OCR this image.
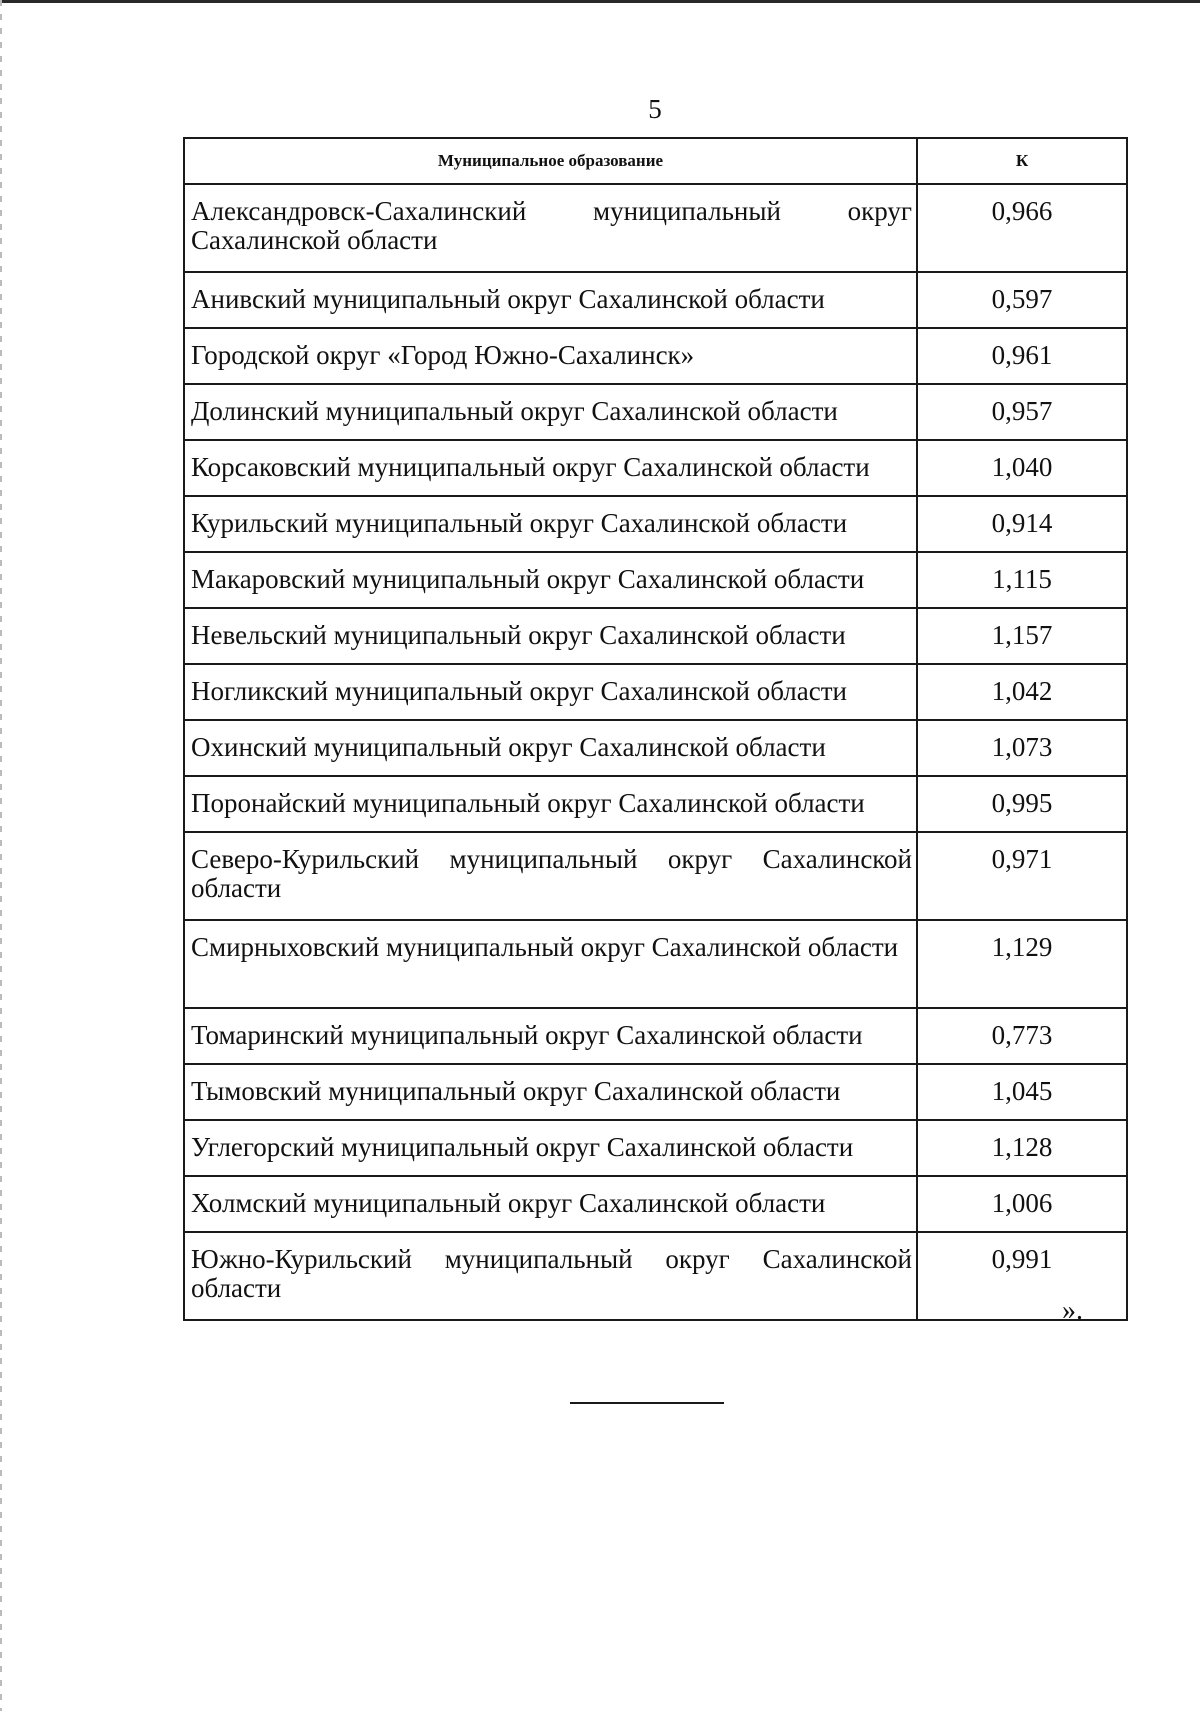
5
Муниципальное образование	К
Александровск-Сахалинский муниципальный округ Сахалинской области	0,966
Анивский муниципальный округ Сахалинской области	0,597
Городской округ «Город Южно-Сахалинск»	0,961
Долинский муниципальный округ Сахалинской области	0,957
Корсаковский муниципальный округ Сахалинской области	1,040
Курильский муниципальный округ Сахалинской области	0,914
Макаровский муниципальный округ Сахалинской области	1,115
Невельский муниципальный округ Сахалинской области	1,157
Ногликский муниципальный округ Сахалинской области	1,042
Охинский муниципальный округ Сахалинской области	1,073
Поронайский муниципальный округ Сахалинской области	0,995
Северо-Курильский муниципальный округ Сахалинской области	0,971
Смирныховский муниципальный округ Сахалинской области	1,129
Томаринский муниципальный округ Сахалинской области	0,773
Тымовский муниципальный округ Сахалинской области	1,045
Углегорский муниципальный округ Сахалинской области	1,128
Холмский муниципальный округ Сахалинской области	1,006
Южно-Курильский муниципальный округ Сахалинской области	0,991
».
